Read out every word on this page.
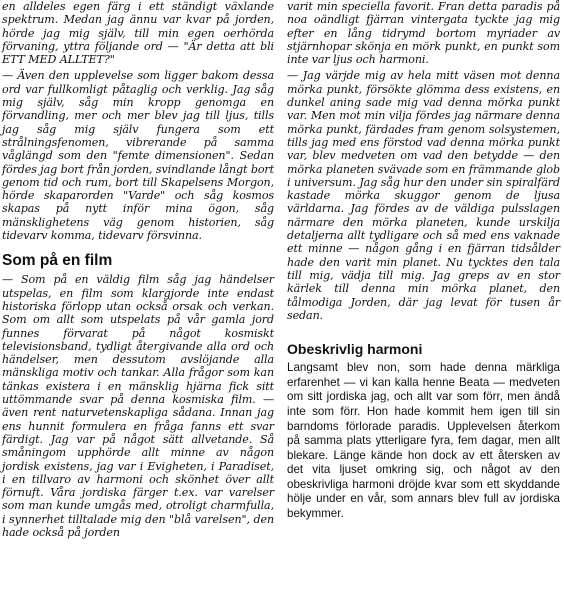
en alldeles egen färg i ett ständigt växlande spektrum. Medan jag ännu var kvar på jorden, hörde jag mig själv, till min egen oerhörda förvaning, yttra följande ord — "Är detta att bli ETT MED ALLTET?"

— Även den upplevelse som ligger bakom dessa ord var fullkomligt påtaglig och verklig. Jag såg mig själv, såg min kropp genomga en förvandling, mer och mer blev jag till ljus, tills jag såg mig själv fungera som ett strålningsfenomen, vibrerande på samma våglängd som den "femte dimensionen". Sedan fördes jag bort från jorden, svindlande långt bort genom tid och rum, bort till Skapelsens Morgon, hörde skaparorden "Varde" och såg kosmos skapas på nytt inför mina ögon, såg mänsklighetens väg genom historien, såg tidevarv komma, tidevarv försvinna.

Som på en film

— Som på en väldig film såg jag händelser utspelas, en film som klargjorde inte endast historiska förlopp utan också orsak och verkan. Som om allt som utspelats på vår gamla jord funnes förvarat på något kosmiskt televisionsband, tydligt återgivande alla ord och händelser, men dessutom avslöjande alla mänskliga motiv och tankar. Alla frågor som kan tänkas existera i en mänsklig hjärna fick sitt uttömmande svar på denna kosmiska film. — även rent naturvetenskapliga sådana. Innan jag ens hunnit formulera en fråga fanns ett svar färdigt. Jag var på något sätt allvetande. Så småningom upphörde allt minne av någon jordisk existens, jag var i Evigheten, i Paradiset, i en tillvaro av harmoni och skönhet över allt förnuft. Våra jordiska färger t.ex. var varelser som man kunde umgås med, otroligt charmfulla, i synnerhet tilltalade mig den "blå varelsen", den hade också på jorden

varit min speciella favorit. Fran detta paradis på noa oändligt fjärran vintergata tyckte jag mig efter en lång tidrymd bortom myriader av stjärnhopar skönja en mörk punkt, en punkt som inte var ljus och harmoni.

— Jag värjde mig av hela mitt väsen mot denna mörka punkt, försökte glömma dess existens, en dunkel aning sade mig vad denna mörka punkt var. Men mot min vilja fördes jag närmare denna mörka punkt, färdades fram genom solsystemen, tills jag med ens förstod vad denna mörka punkt var, blev medveten om vad den betydde — den mörka planeten svävade som en främmande glob i universum. Jag såg hur den under sin spiralfärd kastade mörka skuggor genom de ljusa världarna. Jag fördes av de väldiga pulsslagen närmare den mörka planeten, kunde urskilja detaljerna allt tydligare och så med ens vaknade ett minne — någon gång i en fjärran tidsålder hade den varit min planet. Nu tycktes den tala till mig, vädja till mig. Jag greps av en stor kärlek till denna min mörka planet, den tålmodiga Jorden, där jag levat för tusen år sedan.

Obeskrivlig harmoni

Langsamt blev non, som hade denna märkliga erfarenhet — vi kan kalla henne Beata — medveten om sitt jordiska jag, och allt var som förr, men ändå inte som förr. Hon hade kommit hem igen till sin barndoms förlorade paradis. Upplevelsen återkom på samma plats ytterligare fyra, fem dagar, men allt blekare. Länge kände hon dock av ett återsken av det vita ljuset omkring sig, och något av den obeskrivliga harmoni dröjde kvar som ett skyddande hölje under en vår, som annars blev full av jordiska bekymmer.
